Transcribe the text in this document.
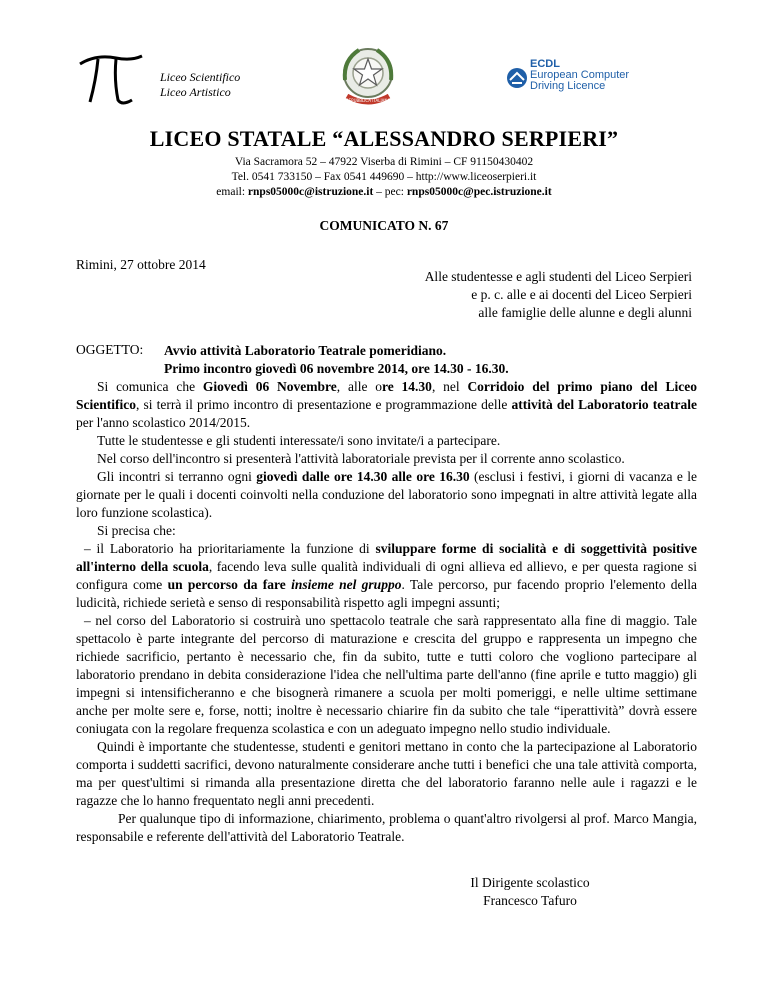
Liceo Scientifico
Liceo Artistico
REPUBBLICA ITALIANA
ECDL
European Computer
Driving Licence
LICEO STATALE “ALESSANDRO SERPIERI”
Via Sacramora 52 – 47922 Viserba di Rimini – CF 91150430402
Tel. 0541 733150 – Fax 0541 449690 – http://www.liceoserpieri.it
email: rnps05000c@istruzione.it – pec: rnps05000c@pec.istruzione.it
COMUNICATO N. 67
Rimini, 27 ottobre 2014
Alle studentesse e agli studenti del Liceo Serpieri
e p. c. alle e ai docenti del Liceo Serpieri
alle famiglie delle alunne e degli alunni
OGGETTO: Avvio attività Laboratorio Teatrale pomeridiano.
Primo incontro giovedì 06 novembre 2014, ore 14.30 - 16.30.

Si comunica che Giovedì 06 Novembre, alle ore 14.30, nel Corridoio del primo piano del Liceo Scientifico, si terrà il primo incontro di presentazione e programmazione delle attività del Laboratorio teatrale per l'anno scolastico 2014/2015.

Tutte le studentesse e gli studenti interessate/i sono invitate/i a partecipare.

Nel corso dell'incontro si presenterà l'attività laboratoriale prevista per il corrente anno scolastico.

Gli incontri si terranno ogni giovedì dalle ore 14.30 alle ore 16.30 (esclusi i festivi, i giorni di vacanza e le giornate per le quali i docenti coinvolti nella conduzione del laboratorio sono impegnati in altre attività legate alla loro funzione scolastica).

Si precisa che:

– il Laboratorio ha prioritariamente la funzione di sviluppare forme di socialità e di soggettività positive all'interno della scuola, facendo leva sulle qualità individuali di ogni allieva ed allievo, e per questa ragione si configura come un percorso da fare insieme nel gruppo. Tale percorso, pur facendo proprio l'elemento della ludicità, richiede serietà e senso di responsabilità rispetto agli impegni assunti;

– nel corso del Laboratorio si costruirà uno spettacolo teatrale che sarà rappresentato alla fine di maggio. Tale spettacolo è parte integrante del percorso di maturazione e crescita del gruppo e rappresenta un impegno che richiede sacrificio, pertanto è necessario che, fin da subito, tutte e tutti coloro che vogliono partecipare al laboratorio prendano in debita considerazione l'idea che nell'ultima parte dell'anno (fine aprile e tutto maggio) gli impegni si intensificheranno e che bisognerà rimanere a scuola per molti pomeriggi, e nelle ultime settimane anche per molte sere e, forse, notti; inoltre è necessario chiarire fin da subito che tale “iperattività” dovrà essere coniugata con la regolare frequenza scolastica e con un adeguato impegno nello studio individuale.

Quindi è importante che studentesse, studenti e genitori mettano in conto che la partecipazione al Laboratorio comporta i suddetti sacrifici, devono naturalmente considerare anche tutti i benefici che una tale attività comporta, ma per quest'ultimi si rimanda alla presentazione diretta che del laboratorio faranno nelle aule i ragazzi e le ragazze che lo hanno frequentato negli anni precedenti.

Per qualunque tipo di informazione, chiarimento, problema o quant'altro rivolgersi al prof. Marco Mangia, responsabile e referente dell'attività del Laboratorio Teatrale.

Il Dirigente scolastico
Francesco Tafuro
